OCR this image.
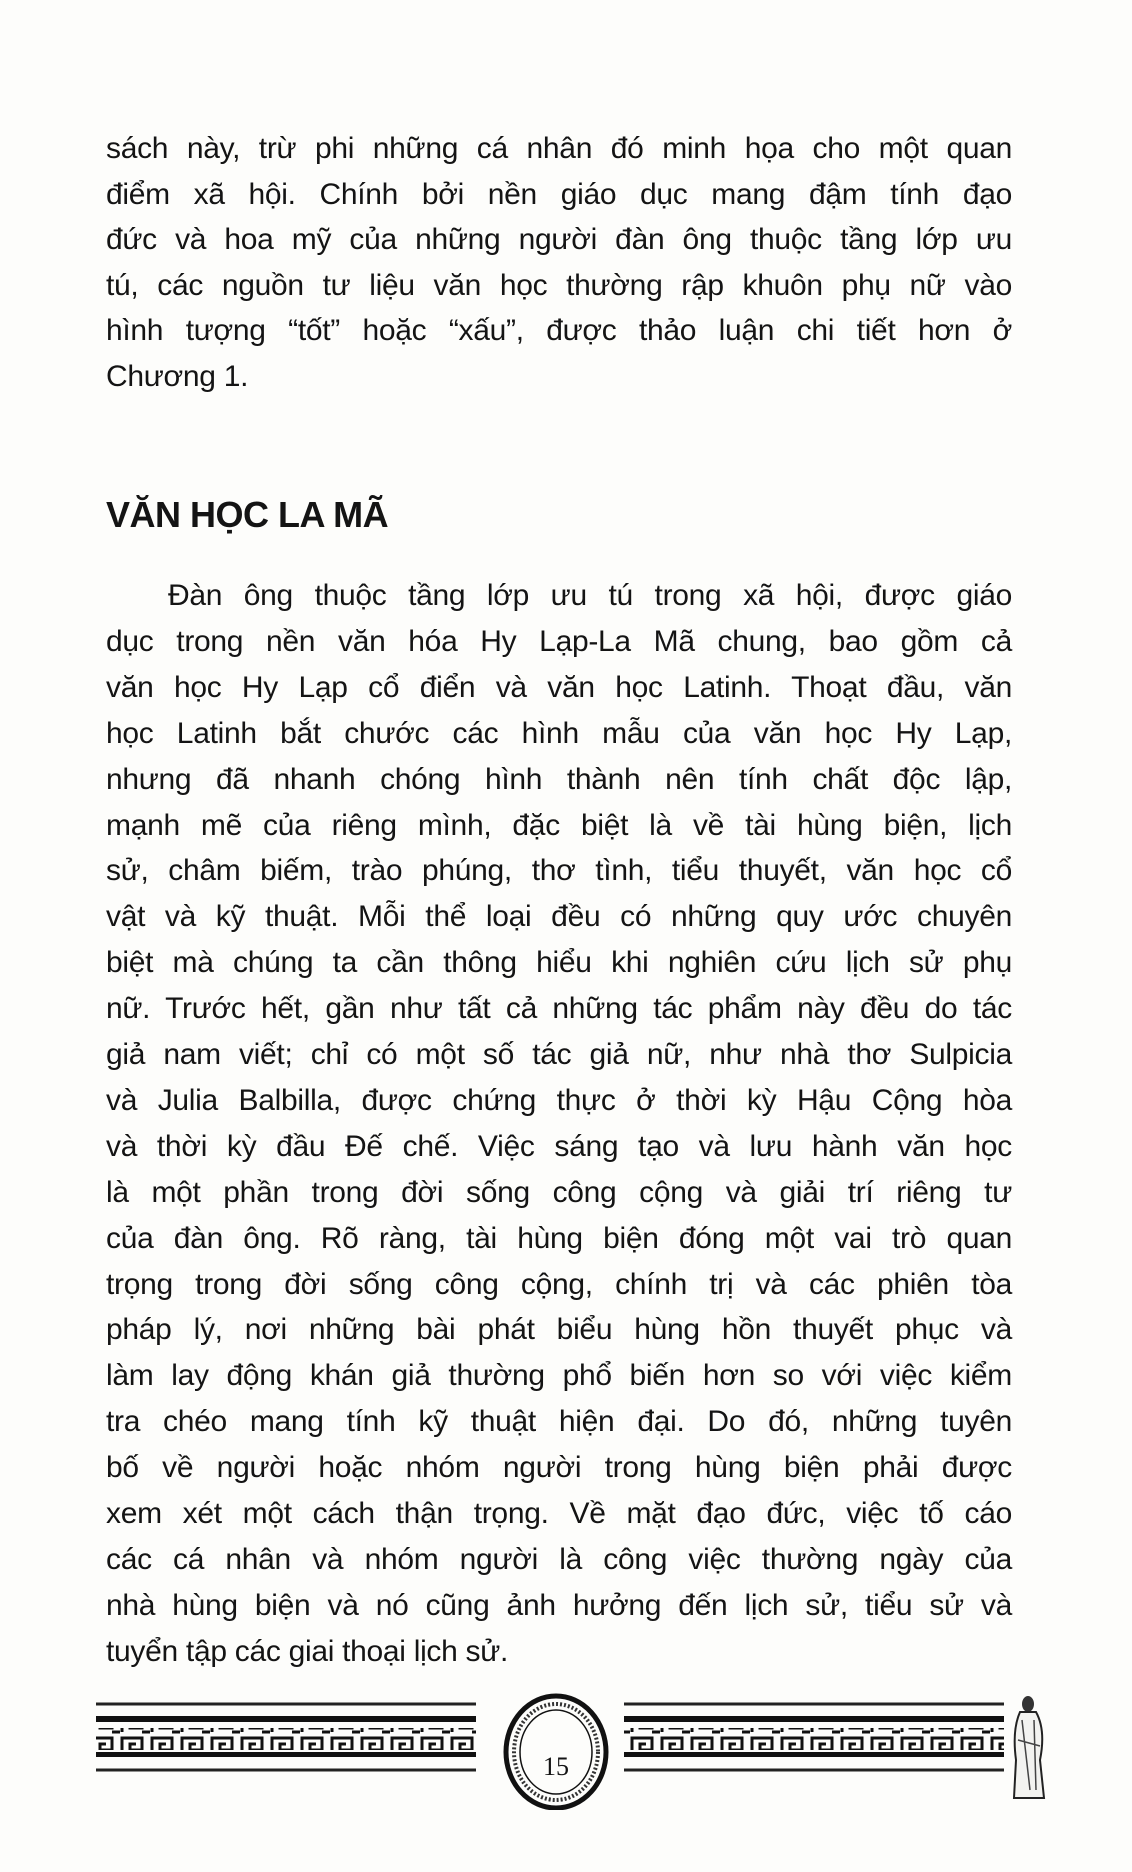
sách này, trừ phi những cá nhân đó minh họa cho một quan
điểm xã hội. Chính bởi nền giáo dục mang đậm tính đạo
đức và hoa mỹ của những người đàn ông thuộc tầng lớp ưu
tú, các nguồn tư liệu văn học thường rập khuôn phụ nữ vào
hình tượng “tốt” hoặc “xấu”, được thảo luận chi tiết hơn ở
Chương 1.
VĂN HỌC LA MÃ
Đàn ông thuộc tầng lớp ưu tú trong xã hội, được giáo
dục trong nền văn hóa Hy Lạp-La Mã chung, bao gồm cả
văn học Hy Lạp cổ điển và văn học Latinh. Thoạt đầu, văn
học Latinh bắt chước các hình mẫu của văn học Hy Lạp,
nhưng đã nhanh chóng hình thành nên tính chất độc lập,
mạnh mẽ của riêng mình, đặc biệt là về tài hùng biện, lịch
sử, châm biếm, trào phúng, thơ tình, tiểu thuyết, văn học cổ
vật và kỹ thuật. Mỗi thể loại đều có những quy ước chuyên
biệt mà chúng ta cần thông hiểu khi nghiên cứu lịch sử phụ
nữ. Trước hết, gần như tất cả những tác phẩm này đều do tác
giả nam viết; chỉ có một số tác giả nữ, như nhà thơ Sulpicia
và Julia Balbilla, được chứng thực ở thời kỳ Hậu Cộng hòa
và thời kỳ đầu Đế chế. Việc sáng tạo và lưu hành văn học
là một phần trong đời sống công cộng và giải trí riêng tư
của đàn ông. Rõ ràng, tài hùng biện đóng một vai trò quan
trọng trong đời sống công cộng, chính trị và các phiên tòa
pháp lý, nơi những bài phát biểu hùng hồn thuyết phục và
làm lay động khán giả thường phổ biến hơn so với việc kiểm
tra chéo mang tính kỹ thuật hiện đại. Do đó, những tuyên
bố về người hoặc nhóm người trong hùng biện phải được
xem xét một cách thận trọng. Về mặt đạo đức, việc tố cáo
các cá nhân và nhóm người là công việc thường ngày của
nhà hùng biện và nó cũng ảnh hưởng đến lịch sử, tiểu sử và
tuyển tập các giai thoại lịch sử.
15
